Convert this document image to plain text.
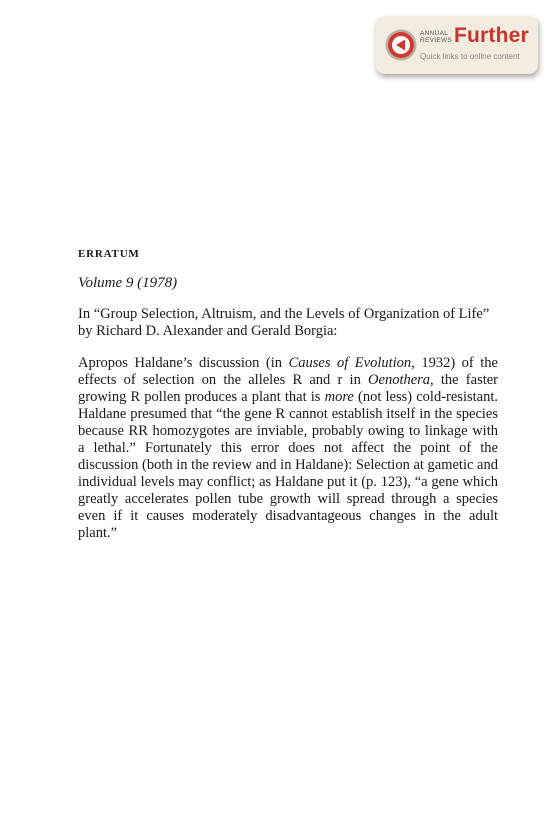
ANNUAL
REVIEWS Further
Quick links to online content

ERRATUM

Volume 9 (1978)

In “Group Selection, Altruism, and the Levels of Organization of Life” by Richard D. Alexander and Gerald Borgia:

Apropos Haldane’s discussion (in Causes of Evolution, 1932) of the effects of selection on the alleles R and r in Oenothera, the faster growing R pollen produces a plant that is more (not less) cold-resistant. Haldane presumed that “the gene R cannot establish itself in the species because RR homozygotes are inviable, probably owing to linkage with a lethal.” Fortunately this error does not affect the point of the discussion (both in the review and in Haldane): Selection at gametic and individual levels may conflict; as Haldane put it (p. 123), “a gene which greatly accelerates pollen tube growth will spread through a species even if it causes moderately disadvantageous changes in the adult plant.”
